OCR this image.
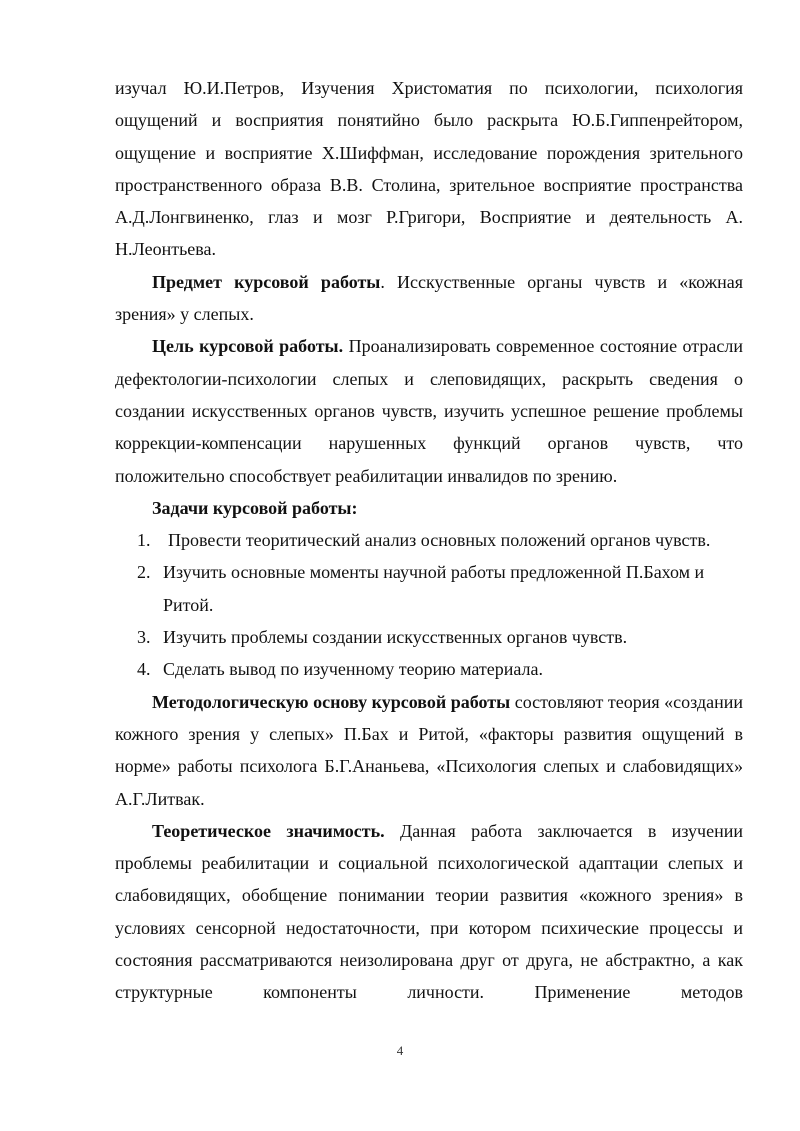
изучал Ю.И.Петров, Изучения Христоматия по психологии, психология ощущений и восприятия понятийно было раскрыта Ю.Б.Гиппенрейтором, ощущение и восприятие Х.Шиффман, исследование порождения зрительного пространственного образа В.В. Столина, зрительное восприятие пространства А.Д.Лонгвиненко, глаз и мозг Р.Григори, Восприятие и деятельность А. Н.Леонтьева.

Предмет курсовой работы. Исскуственные органы чувств и «кожная зрения» у слепых.

Цель курсовой работы. Проанализировать современное состояние отрасли дефектологии-психологии слепых и слеповидящих, раскрыть сведения о создании искусственных органов чувств, изучить успешное решение проблемы коррекции-компенсации нарушенных функций органов чувств, что положительно способствует реабилитации инвалидов по зрению.

Задачи курсовой работы:
1. Провести теоритический анализ основных положений органов чувств.
2. Изучить основные моменты научной работы предложенной П.Бахом и Ритой.
3. Изучить проблемы создании искусственных органов чувств.
4. Сделать вывод по изученному теорию материала.

Методологическую основу курсовой работы состовляют теория «создании кожного зрения у слепых» П.Бах и Ритой, «факторы развития ощущений в норме» работы психолога Б.Г.Ананьева, «Психология слепых и слабовидящих» А.Г.Литвак.

Теоретическое значимость. Данная работа заключается в изучении проблемы реабилитации и социальной психологической адаптации слепых и слабовидящих, обобщение понимании теории развития «кожного зрения» в условиях сенсорной недостаточности, при котором психические процессы и состояния рассматриваются неизолирована друг от друга, не абстрактно, а как структурные компоненты личности. Применение методов

4
